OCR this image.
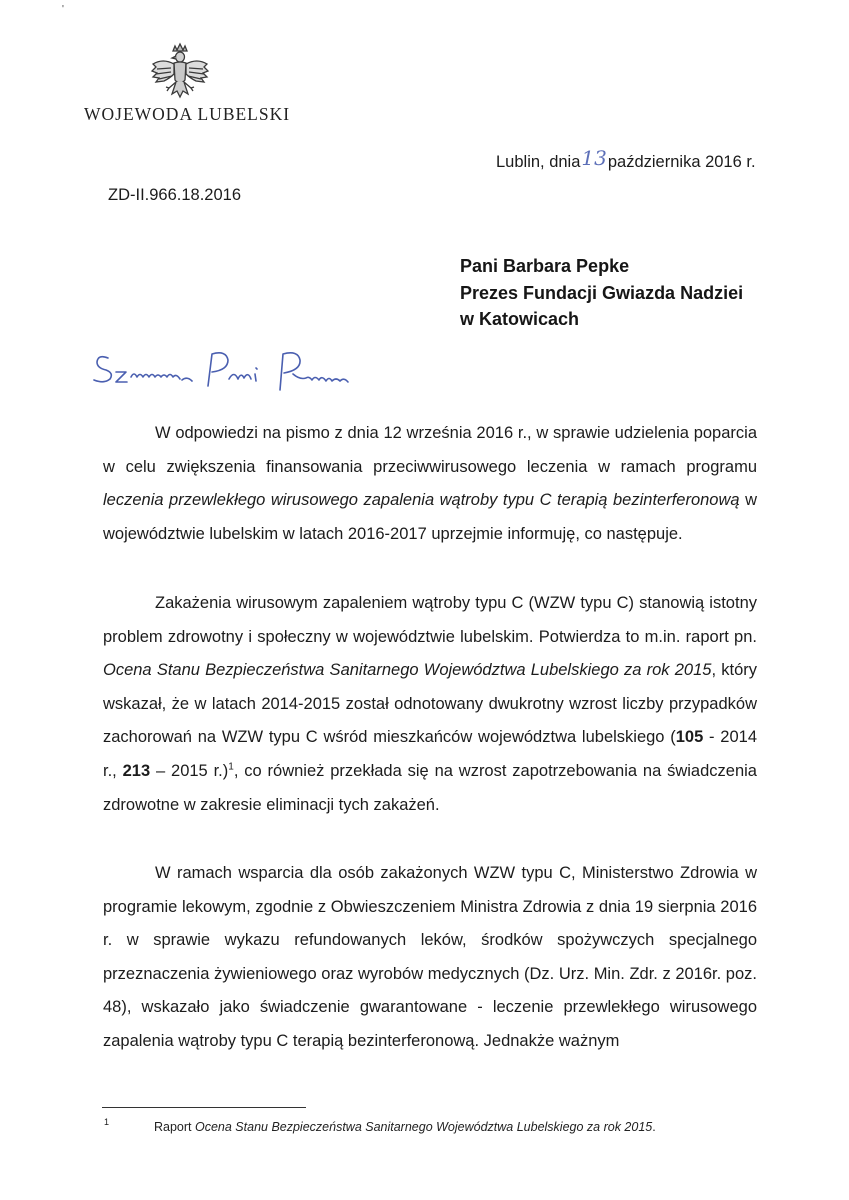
'
WOJEWODA LUBELSKI
Lublin, dnia13października 2016 r.
ZD-II.966.18.2016
Pani Barbara Pepke
Prezes Fundacji Gwiazda Nadziei
w Katowicach

W odpowiedzi na pismo z dnia 12 września 2016 r., w sprawie udzielenia poparcia w celu zwiększenia finansowania przeciwwirusowego leczenia w ramach programu leczenia przewlekłego wirusowego zapalenia wątroby typu C terapią bezinterferonową w województwie lubelskim w latach 2016-2017 uprzejmie informuję, co następuje.

Zakażenia wirusowym zapaleniem wątroby typu C (WZW typu C) stanowią istotny problem zdrowotny i społeczny w województwie lubelskim. Potwierdza to m.in. raport pn. Ocena Stanu Bezpieczeństwa Sanitarnego Województwa Lubelskiego za rok 2015, który wskazał, że w latach 2014-2015 został odnotowany dwukrotny wzrost liczby przypadków zachorowań na WZW typu C wśród mieszkańców województwa lubelskiego (105 - 2014 r., 213 – 2015 r.)$^1$, co również przekłada się na wzrost zapotrzebowania na świadczenia zdrowotne w zakresie eliminacji tych zakażeń.

W ramach wsparcia dla osób zakażonych WZW typu C, Ministerstwo Zdrowia w programie lekowym, zgodnie z Obwieszczeniem Ministra Zdrowia z dnia 19 sierpnia 2016 r. w sprawie wykazu refundowanych leków, środków spożywczych specjalnego przeznaczenia żywieniowego oraz wyrobów medycznych (Dz. Urz. Min. Zdr. z 2016r. poz. 48), wskazało jako świadczenie gwarantowane - leczenie przewlekłego wirusowego zapalenia wątroby typu C terapią bezinterferonową. Jednakże ważnym

1	Raport Ocena Stanu Bezpieczeństwa Sanitarnego Województwa Lubelskiego za rok 2015.
